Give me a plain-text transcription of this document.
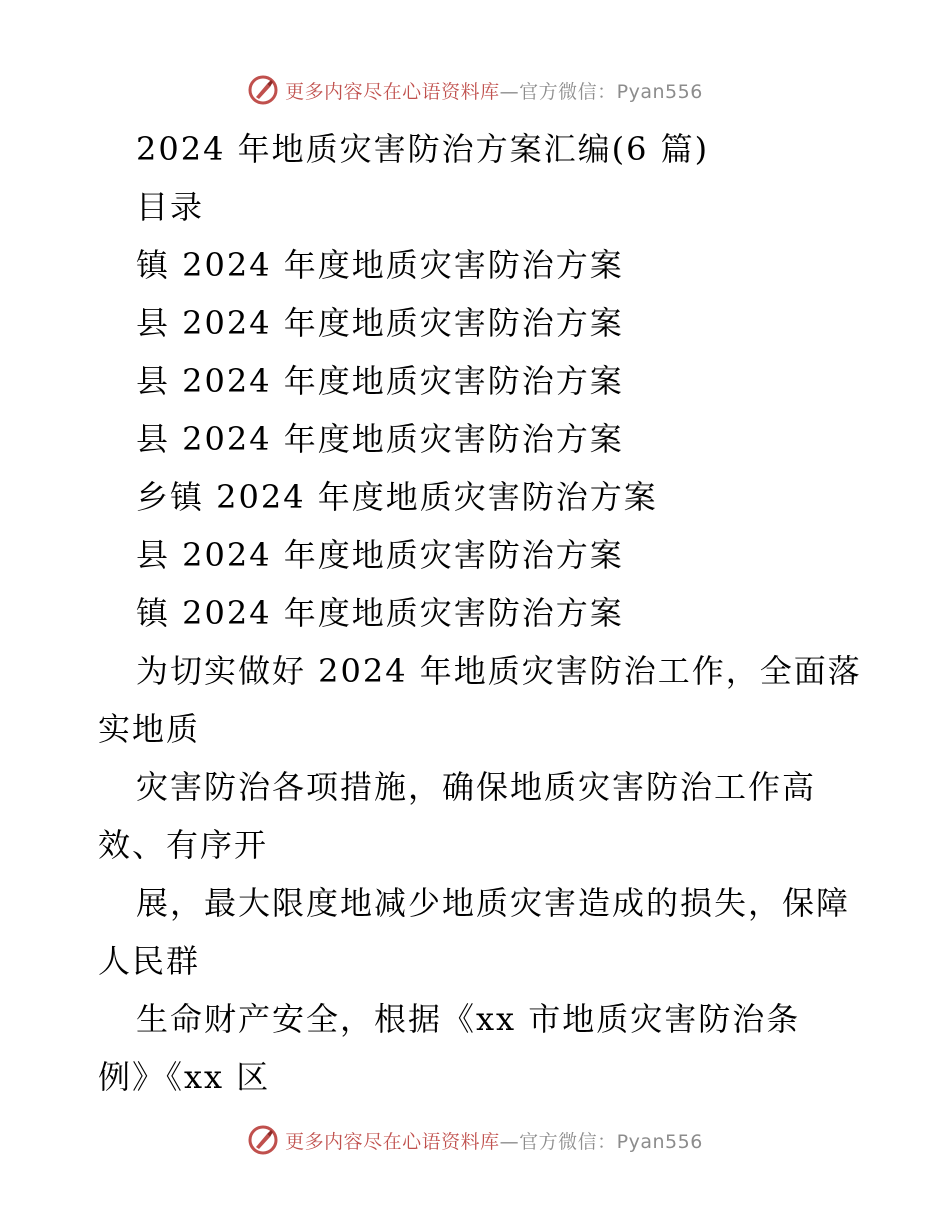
更多内容尽在心语资料库—官方微信：Pyan556
2024 年地质灾害防治方案汇编(6 篇)
目录
镇 2024 年度地质灾害防治方案
县 2024 年度地质灾害防治方案
县 2024 年度地质灾害防治方案
县 2024 年度地质灾害防治方案
乡镇 2024 年度地质灾害防治方案
县 2024 年度地质灾害防治方案
镇 2024 年度地质灾害防治方案
为切实做好 2024 年地质灾害防治工作，全面落
实地质
灾害防治各项措施，确保地质灾害防治工作高
效、有序开
展，最大限度地减少地质灾害造成的损失，保障
人民群
生命财产安全，根据《xx 市地质灾害防治条
例》《xx 区
更多内容尽在心语资料库—官方微信：Pyan556
